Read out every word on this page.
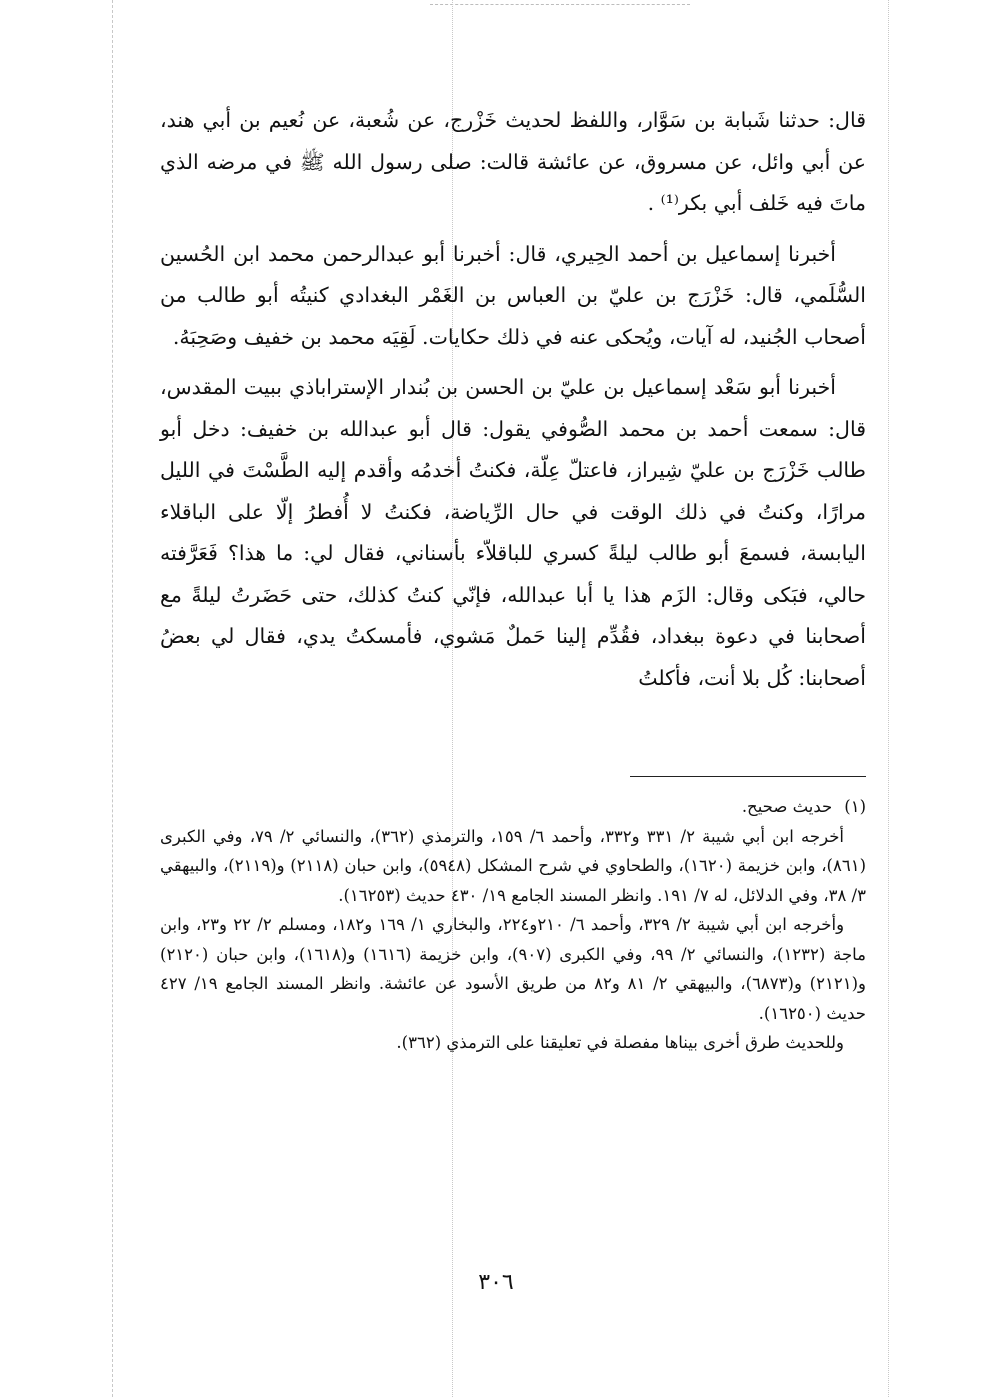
قال: حدثنا شَبابة بن سَوَّار، واللفظ لحديث خَزْرج، عن شُعبة، عن نُعيم بن أبي هند، عن أبي وائل، عن مسروق، عن عائشة قالت: صلى رسول الله ﷺ في مرضه الذي ماتَ فيه خَلف أبي بكر⁽¹⁾ .

أخبرنا إسماعيل بن أحمد الحِيري، قال: أخبرنا أبو عبدالرحمن محمد ابن الحُسين السُّلَمي، قال: خَزْرَج بن عليّ بن العباس بن الغَمْر البغدادي كنيتُه أبو طالب من أصحاب الجُنيد، له آيات، ويُحكى عنه في ذلك حكايات. لَقِيَه محمد بن خفيف وصَحِبَهُ.

أخبرنا أبو سَعْد إسماعيل بن عليّ بن الحسن بن بُندار الإستراباذي ببيت المقدس، قال: سمعت أحمد بن محمد الصُّوفي يقول: قال أبو عبدالله بن خفيف: دخل أبو طالب خَزْرَج بن عليّ شِيراز، فاعتلّ عِلّة، فكنتُ أخدمُه وأقدم إليه الطَّسْتَ في الليل مرارًا، وكنتُ في ذلك الوقت في حال الرِّياضة، فكنتُ لا أُفطرُ إلّا على الباقلاء اليابسة، فسمعَ أبو طالب ليلةً كسري للباقلاّء بأسناني، فقال لي: ما هذا؟ فَعَرَّفته حالي، فبَكى وقال: الزَم هذا يا أبا عبدالله، فإنّي كنتُ كذلك، حتى حَضَرتُ ليلةً مع أصحابنا في دعوة ببغداد، فقُدِّم إلينا حَملٌ مَشوي، فأمسكتُ يدي، فقال لي بعضُ أصحابنا: كُل بلا أنت، فأكلتُ

(١)حديث صحيح.

أخرجه ابن أبي شيبة ٢/ ٣٣١ و٣٣٢، وأحمد ٦/ ١٥٩، والترمذي (٣٦٢)، والنسائي ٢/ ٧٩، وفي الكبرى (٨٦١)، وابن خزيمة (١٦٢٠)، والطحاوي في شرح المشكل (٥٩٤٨)، وابن حبان (٢١١٨) و(٢١١٩)، والبيهقي ٣/ ٣٨، وفي الدلائل، له ٧/ ١٩١. وانظر المسند الجامع ١٩/ ٤٣٠ حديث (١٦٢٥٣).

وأخرجه ابن أبي شيبة ٢/ ٣٢٩، وأحمد ٦/ ٢١٠و٢٢٤، والبخاري ١/ ١٦٩ و١٨٢، ومسلم ٢/ ٢٢ و٢٣، وابن ماجة (١٢٣٢)، والنسائي ٢/ ٩٩، وفي الكبرى (٩٠٧)، وابن خزيمة (١٦١٦) و(١٦١٨)، وابن حبان (٢١٢٠) و(٢١٢١) و(٦٨٧٣)، والبيهقي ٢/ ٨١ و٨٢ من طريق الأسود عن عائشة. وانظر المسند الجامع ١٩/ ٤٢٧ حديث (١٦٢٥٠).

وللحديث طرق أخرى بيناها مفصلة في تعليقنا على الترمذي (٣٦٢).

٣٠٦
